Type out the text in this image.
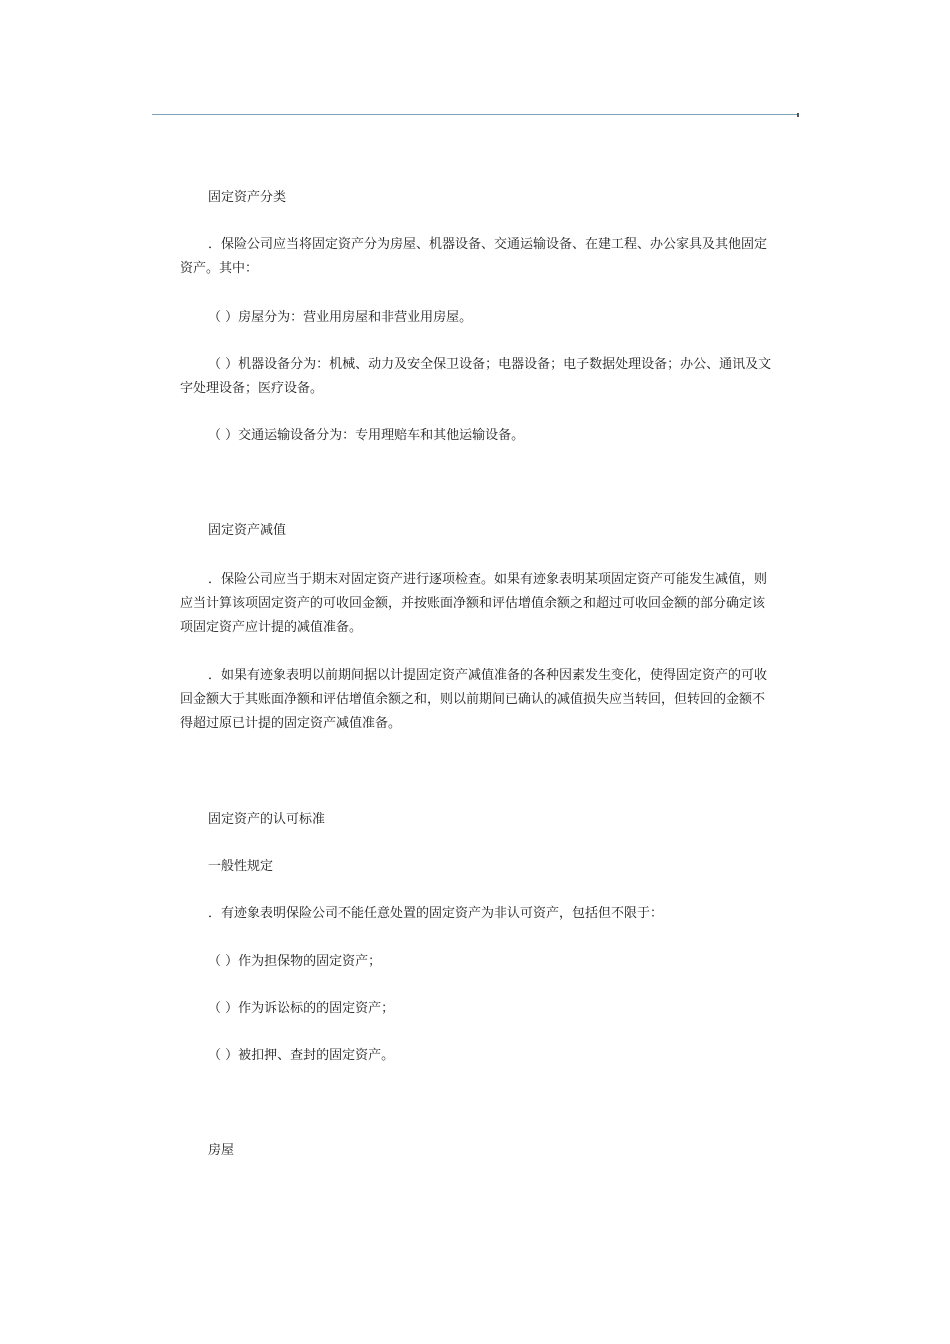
固定资产分类

．保险公司应当将固定资产分为房屋、机器设备、交通运输设备、在建工程、办公家具及其他固定资产。其中：

（ ）房屋分为：营业用房屋和非营业用房屋。

（ ）机器设备分为：机械、动力及安全保卫设备；电器设备；电子数据处理设备；办公、通讯及文字处理设备；医疗设备。

（ ）交通运输设备分为：专用理赔车和其他运输设备。

固定资产减值

．保险公司应当于期末对固定资产进行逐项检查。如果有迹象表明某项固定资产可能发生减值，则应当计算该项固定资产的可收回金额，并按账面净额和评估增值余额之和超过可收回金额的部分确定该项固定资产应计提的减值准备。

．如果有迹象表明以前期间据以计提固定资产减值准备的各种因素发生变化，使得固定资产的可收回金额大于其账面净额和评估增值余额之和，则以前期间已确认的减值损失应当转回，但转回的金额不得超过原已计提的固定资产减值准备。

固定资产的认可标准

一般性规定

．有迹象表明保险公司不能任意处置的固定资产为非认可资产，包括但不限于：

（ ）作为担保物的固定资产；

（ ）作为诉讼标的的固定资产；

（ ）被扣押、查封的固定资产。

房屋
